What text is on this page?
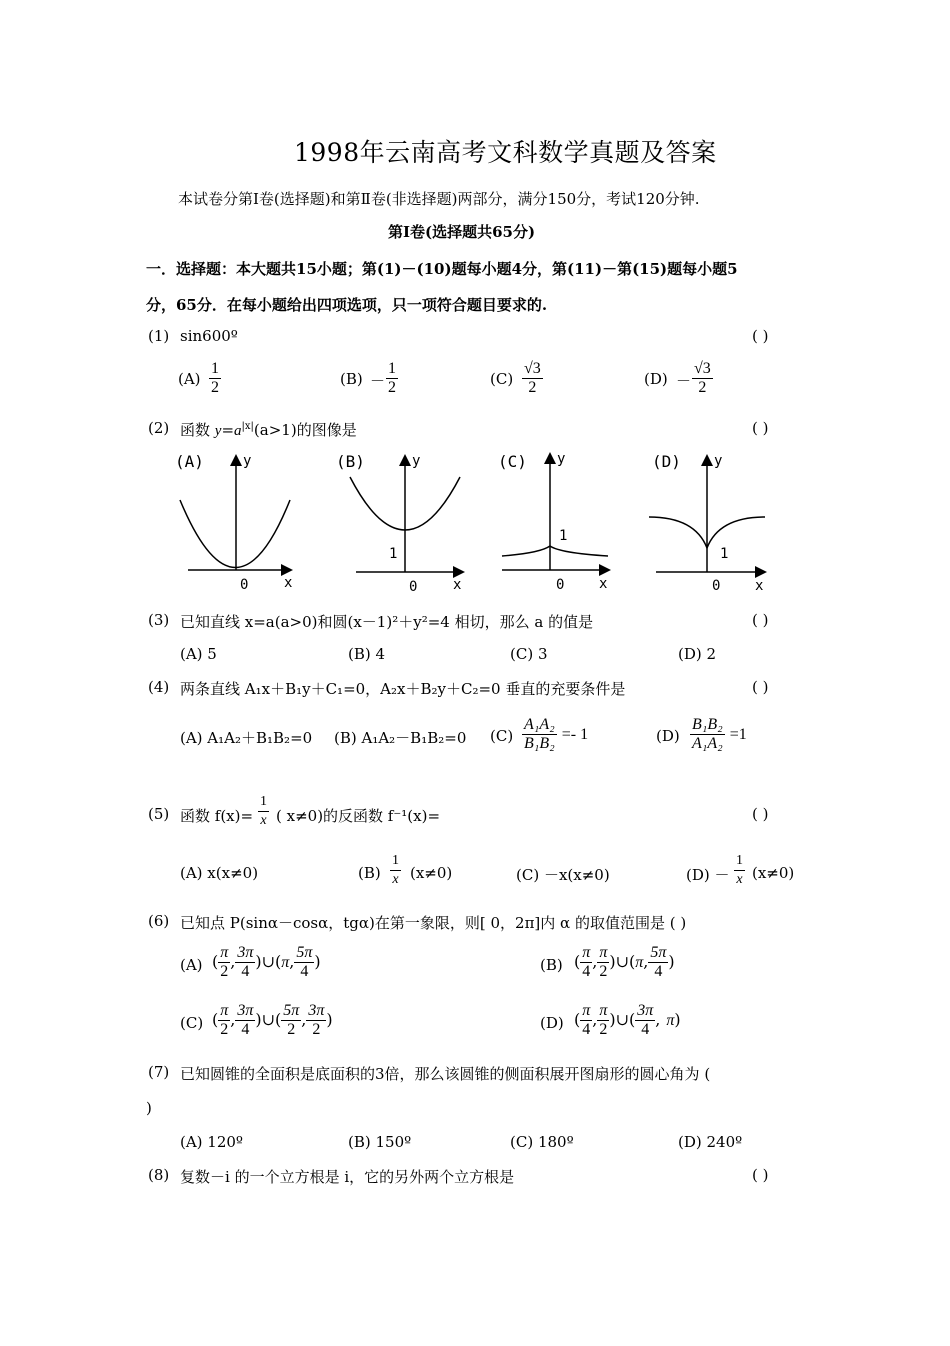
1998年云南高考文科数学真题及答案
本试卷分第Ⅰ卷(选择题)和第Ⅱ卷(非选择题)两部分，满分150分，考试120分钟.
第Ⅰ卷(选择题共65分)
一．选择题：本大题共15小题；第(1)－(10)题每小题4分，第(11)－第(15)题每小题5
分，65分．在每小题给出四项选项，只一项符合题目要求的.
(1) sin600º	( )
$(A) \frac{1}{2}$	$(B) - \frac{1}{2}$	$(C) \frac{√3}{2}$	$(D) - \frac{√3}{2}$
(2) 函数 $y=a^{|x|}(a>1)$的图像是	( )
(A)	y
x
0
(B)	y
x
0
1
(C) y
x
0
1
(D) y
x
0
1
(3) 已知直线 x=a(a>0)和圆(x－1)²＋y²=4 相切，那么 a 的值是	( )
(A) 5	(B) 4	(C) 3	(D) 2
(4) 两条直线 A₁x＋B₁y＋C₁=0，A₂x＋B₂y＋C₂=0 垂直的充要条件是	( )
(A) A₁A₂＋B₁B₂=0 (B) A₁A₂－B₁B₂=0 $(C) \frac{\text{A₁A₂}}{\text{B₁B₂}} =- 1$	$(D) \frac{\text{B₁B₂}}{\text{A₁A₂}} =1$
(5) 函数 $f(x)= \frac{1}{x}$ ( x≠0)的反函数 f⁻¹(x)=	( )
(A) x(x≠0)	$(B) \frac{1}{x} (x\ne 0)$	(C) －x(x≠0)	$(D) - \frac{1}{x} (x\ne 0)$
(6) 已知点 P(sinα－cosα，tgα)在第一象限，则[ 0，2π]内 α 的取值范围是 ( )
(A) ( $\frac{\pi}{2}$ , $\frac{3\pi}{4}$ )∪(π, $\frac{5\pi}{4}$ )	(B) ( $\frac{\pi}{4}$ , $\frac{\pi}{2}$ )∪(π, $\frac{5\pi}{4}$ )
(C) ( $\frac{\pi}{2}$ , $\frac{3\pi}{4}$ )∪( $\frac{5\pi}{2}$ , $\frac{3\pi}{2}$ )	(D) ( $\frac{\pi}{4}$ , $\frac{\pi}{2}$ )∪( $\frac{3\pi}{4}$ , π)
(7) 已知圆锥的全面积是底面积的3倍，那么该圆锥的侧面积展开图扇形的圆心角为 (
)
(A) 120º	(B) 150º	(C) 180º	(D) 240º
(8) 复数－i 的一个立方根是 i，它的另外两个立方根是	( )
